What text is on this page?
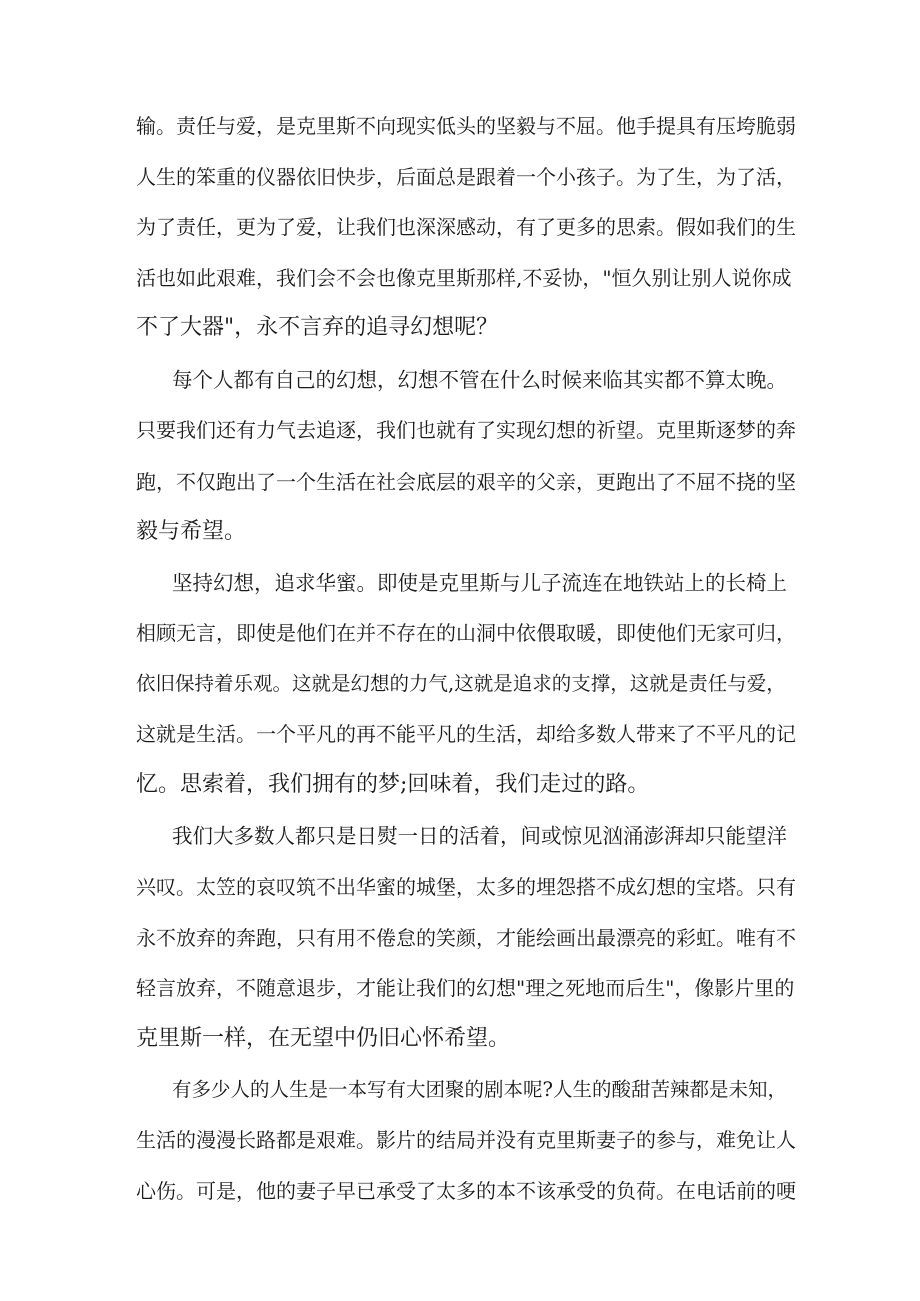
输。责任与爱，是克里斯不向现实低头的坚毅与不屈。他手提具有压垮脆弱
人生的笨重的仪器依旧快步，后面总是跟着一个小孩子。为了生，为了活，
为了责任，更为了爱，让我们也深深感动，有了更多的思索。假如我们的生
活也如此艰难，我们会不会也像克里斯那样,不妥协，"恒久别让别人说你成
不了大器"，永不言弃的追寻幻想呢？
每个人都有自己的幻想，幻想不管在什么时候来临其实都不算太晚。
只要我们还有力气去追逐，我们也就有了实现幻想的祈望。克里斯逐梦的奔
跑，不仅跑出了一个生活在社会底层的艰辛的父亲，更跑出了不屈不挠的坚
毅与希望。
坚持幻想，追求华蜜。即使是克里斯与儿子流连在地铁站上的长椅上
相顾无言，即使是他们在并不存在的山洞中依偎取暖，即使他们无家可归，
依旧保持着乐观。这就是幻想的力气,这就是追求的支撑，这就是责任与爱，
这就是生活。一个平凡的再不能平凡的生活，却给多数人带来了不平凡的记
忆。思索着，我们拥有的梦;回味着，我们走过的路。
我们大多数人都只是日熨一日的活着，间或惊见汹涌澎湃却只能望洋
兴叹。太笠的哀叹筑不出华蜜的城堡，太多的埋怨搭不成幻想的宝塔。只有
永不放弃的奔跑，只有用不倦怠的笑颜，才能绘画出最漂亮的彩虹。唯有不
轻言放弃，不随意退步，才能让我们的幻想"理之死地而后生"，像影片里的
克里斯一样，在无望中仍旧心怀希望。
有多少人的人生是一本写有大团聚的剧本呢?人生的酸甜苦辣都是未知，
生活的漫漫长路都是艰难。影片的结局并没有克里斯妻子的参与，难免让人
心伤。可是，他的妻子早已承受了太多的本不该承受的负荷。在电话前的哽
